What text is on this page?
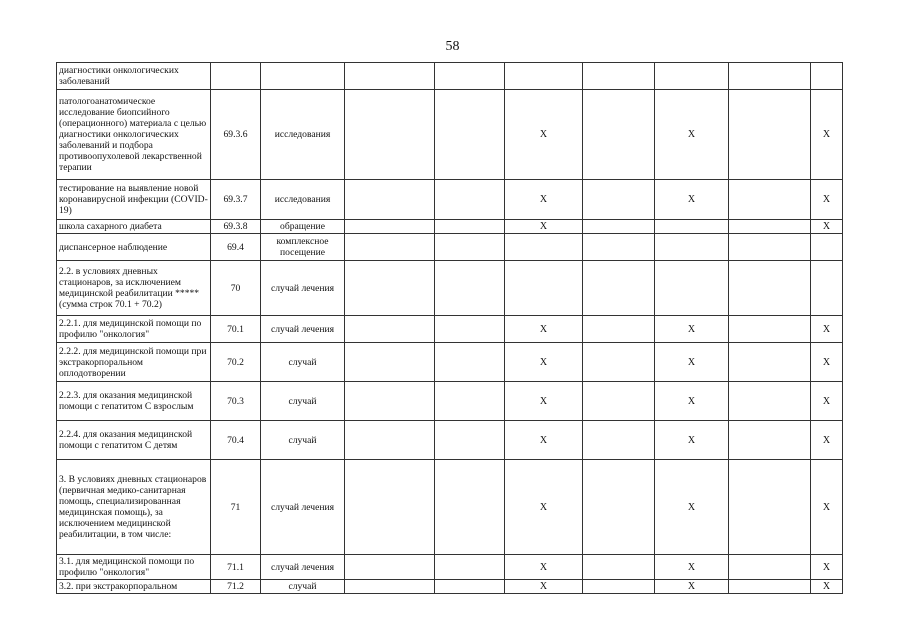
58
диагностики онкологических заболеваний									
патологоанатомическое исследование биопсийного (операционного) материала с целью диагностики онкологических заболеваний и подбора противоопухолевой лекарственной терапии	69.3.6	исследования			X		X		X
тестирование на выявление новой коронавирусной инфекции (COVID-19)	69.3.7	исследования			X		X		X
школа сахарного диабета	69.3.8	обращение			X				X
диспансерное наблюдение	69.4	комплексное посещение							
2.2. в условиях дневных стационаров, за исключением медицинской реабилитации ***** (сумма строк 70.1 + 70.2)	70	случай лечения							
2.2.1. для медицинской помощи по профилю "онкология"	70.1	случай лечения			X		X		X
2.2.2. для медицинской помощи при экстракорпоральном оплодотворении	70.2	случай			X		X		X
2.2.3. для оказания медицинской помощи с гепатитом С взрослым	70.3	случай			X		X		X
2.2.4. для оказания медицинской помощи с гепатитом С детям	70.4	случай			X		X		X
3. В условиях дневных стационаров (первичная медико-санитарная помощь, специализированная медицинская помощь), за исключением медицинской реабилитации, в том числе:	71	случай лечения			X		X		X
3.1. для медицинской помощи по профилю "онкология"	71.1	случай лечения			X		X		X
3.2. при экстракорпоральном	71.2	случай			X		X		X
